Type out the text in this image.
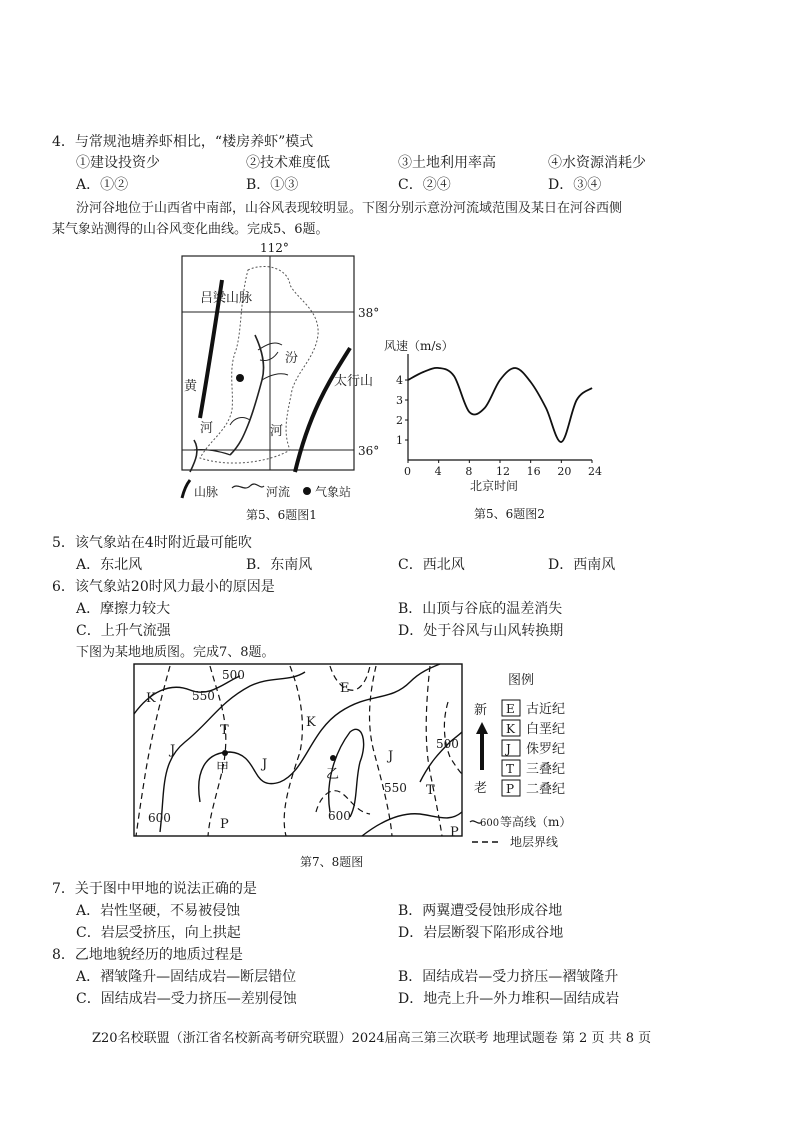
4．与常规池塘养虾相比，“楼房养虾”模式
①建设投资少	②技术难度低	③土地利用率高	④水资源消耗少
A．①②	B．①③	C．②④	D．③④
汾河谷地位于山西省中南部，山谷风表现较明显。下图分别示意汾河流域范围及某日在河谷西侧
某气象站测得的山谷风变化曲线。完成5、6题。
112°
38°
36°
吕梁山脉
汾
河
黄
河
太行山
山脉	河流 气象站
第5、6题图1
风速（m/s）
0 4 8 12 16 20 24
1
2
3
4
北京时间
第5、6题图2
5．该气象站在4时附近最可能吹
A．东北风	B．东南风	C．西北风	D．西南风
6．该气象站20时风力最小的原因是
A．摩擦力较大	B．山顶与谷底的温差消失
C．上升气流强	D．处于谷风与山风转换期
下图为某地地质图。完成7、8题。
500
550
600	600
550
500
K
T
J
J
K
E
J
T
P
P
甲	乙
图例
新
老
E 古近纪
K 白垩纪
J 侏罗纪
T 三叠纪
P 二叠纪
600 等高线（m）
地层界线
第7、8题图
7．关于图中甲地的说法正确的是
A．岩性坚硬，不易被侵蚀	B．两翼遭受侵蚀形成谷地
C．岩层受挤压，向上拱起	D．岩层断裂下陷形成谷地
8．乙地地貌经历的地质过程是
A．褶皱隆升—固结成岩—断层错位	B．固结成岩—受力挤压—褶皱隆升
C．固结成岩—受力挤压—差别侵蚀	D．地壳上升—外力堆积—固结成岩
Z20名校联盟（浙江省名校新高考研究联盟）2024届高三第三次联考 地理试题卷 第 2 页 共 8 页
